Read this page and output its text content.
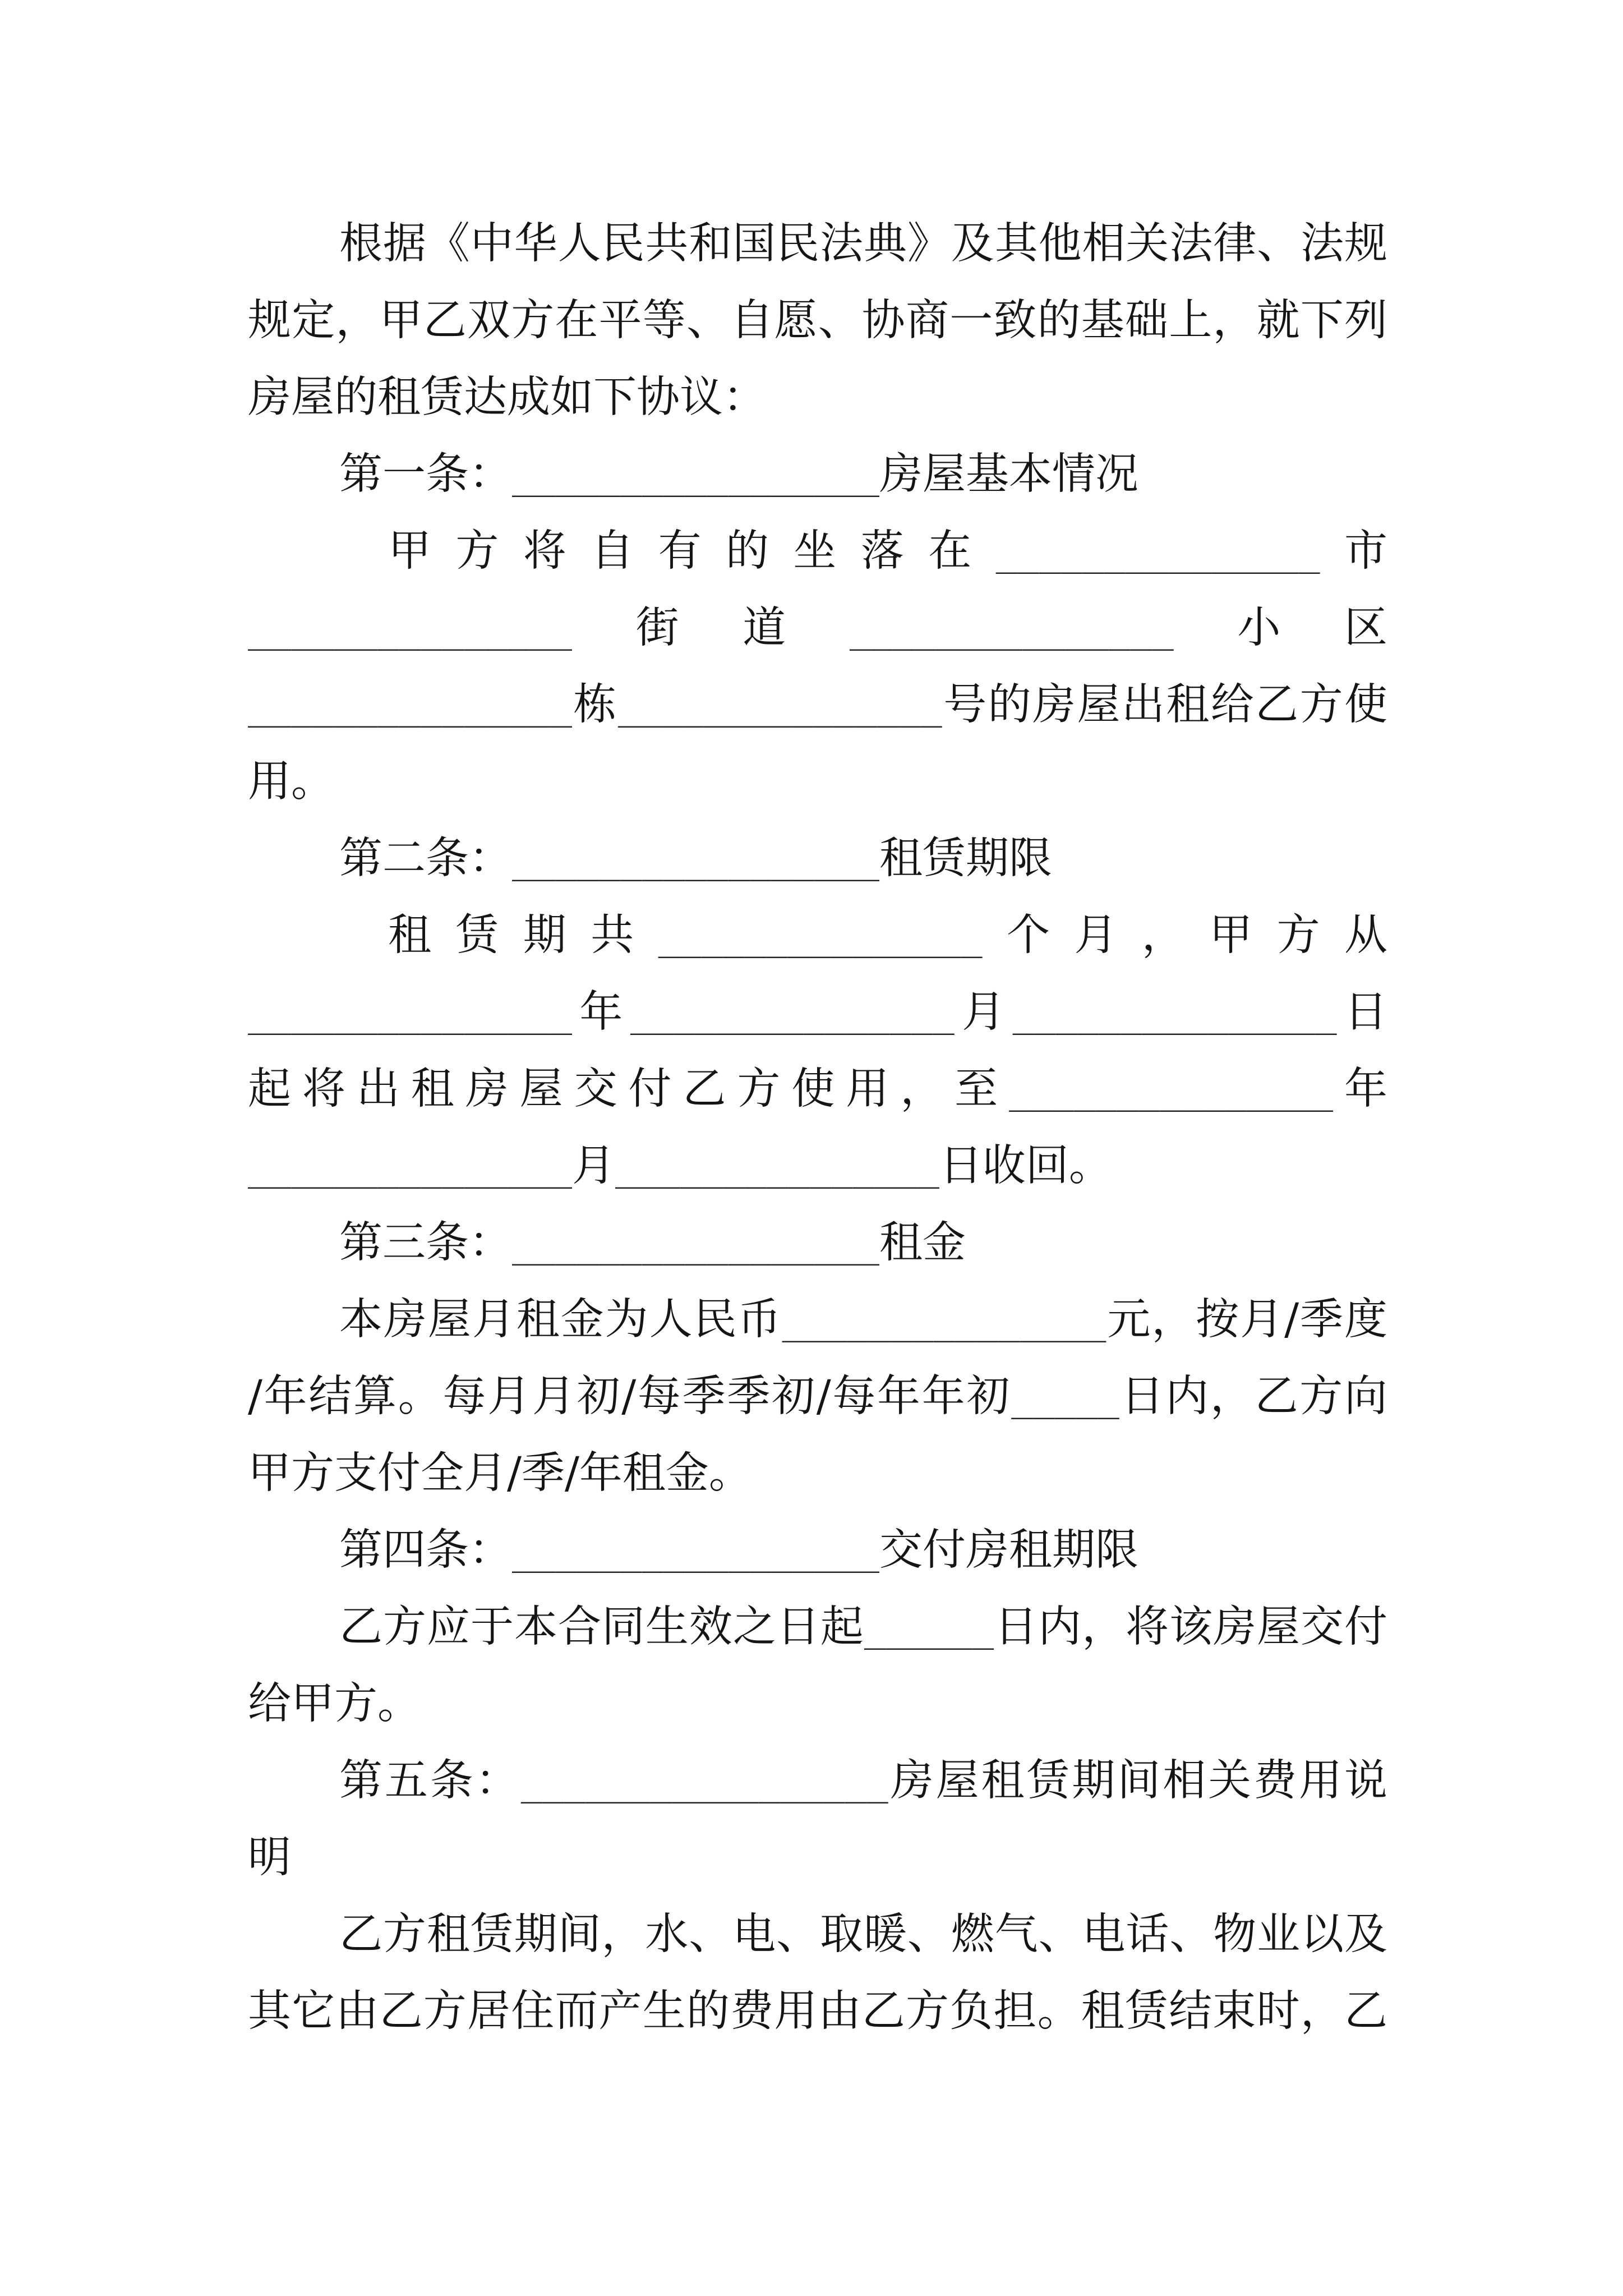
根据《中华人民共和国民法典》及其他相关法律、法规
规定，甲乙双方在平等、自愿、协商一致的基础上，就下列
房屋的租赁达成如下协议：
第一条：_________________房屋基本情况
甲方将自有的坐落在_______________市
_______________街道_______________小区
_______________栋_______________号的房屋出租给乙方使
用。
第二条：_________________租赁期限
租赁期共_______________个月，甲方从
_______________年_______________月_______________日
起将出租房屋交付乙方使用，至_______________年
_______________月_______________日收回。
第三条：_________________租金
本房屋月租金为人民币_______________元，按月/季度
/年结算。每月月初/每季季初/每年年初_____日内，乙方向
甲方支付全月/季/年租金。
第四条：_________________交付房租期限
乙方应于本合同生效之日起______日内，将该房屋交付
给甲方。
第五条：_________________房屋租赁期间相关费用说
明
乙方租赁期间，水、电、取暖、燃气、电话、物业以及
其它由乙方居住而产生的费用由乙方负担。租赁结束时，乙
